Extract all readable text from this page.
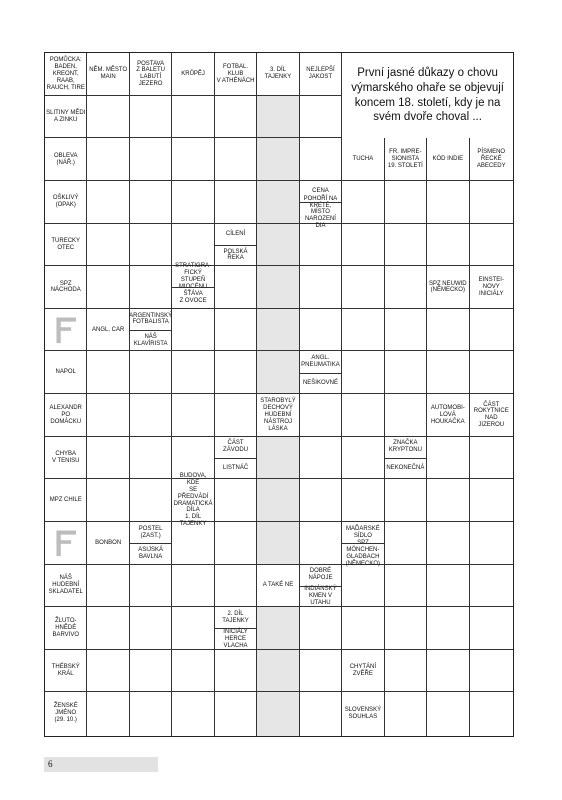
POMŮCKA:
BADEN,
KREONT,
RAAB,
RAUCH, TIRE
NĚM. MĚSTO
MAIN
POSTAVA
Z BALETU
LABUTÍ
JEZERO
KRŮPĚJ
FOTBAL.
KLUB
V ATHÉNÁCH
3. DÍL
TAJENKY
NEJLEPŠÍ
JAKOST
SLITINY MĚDI
A ZINKU
OBLEVA
(NÁŘ.)
TUCHA
FR. IMPRE-
SIONISTA
19. STOLETÍ
KÓD INDIE
PÍSMENO
ŘECKÉ
ABECEDY
OŠKLIVÝ
(OPAK)
CENA
POHOŘÍ NA
KRÉTĚ, MÍSTO
NAROZENÍ DIA
TURECKY
OTEC
CÍLENÍ
POLSKÁ
ŘEKA
SPZ
NÁCHODA
STRATIGRA-
FICKÝ STUPEŇ
MIOCÉNU
ŠŤÁVA
Z OVOCE
SPZ NEUWID
(NĚMECKO)
EINSTEI-
NOVY
INICIÁLY
ANGL. CAR
ARGENTINSKÝ
FOTBALISTA
NÁŠ
KLAVÍRISTA
NAPOL
ANGL.
PNEUMATIKA
NEŠIKOVNÉ
ALEXANDR
PO
DOMÁCKU
STAROBYLÝ
DECHOVÝ
HUDEBNÍ
NÁSTROJ
LÁSKA
AUTOMOBI-
LOVÁ
HOUKAČKA
ČÁST
ROKYTNICE
NAD
JIZEROU
CHYBA
V TENISU
ČÁST
ZÁVODU
LISTNÁČ
ZNAČKA
KRYPTONU
NEKONEČNÁ
MPZ CHILE
BUDOVA, KDE
SE PŘEDVÁDÍ
DRAMATICKÁ
DÍLA
1. DÍL TAJENKY
BONBON
POSTEL
(ZAST.)
ASIJSKÁ
BAVLNA
MAĎARSKÉ
SÍDLO
SPZ MÖNCHEN-
GLADBACH
(NĚMECKO)
NÁŠ
HUDEBNÍ
SKLADATEL
A TAKÉ NE
DOBRÉ
NÁPOJE
INDIÁNSKÝ
KMEN V UTAHU
ŽLUTO-
HNĚDÉ
BARVIVO
2. DÍL TAJENKY
INICIÁLY
HERCE
VLACHA
THÉBSKÝ
KRÁL
CHYTÁNÍ
ZVĚŘE
ŽENSKÉ
JMÉNO
(29. 10.)
SLOVENSKÝ
SOUHLAS
První jasné důkazy o chovu výmarského ohaře se objevují koncem 18. století, kdy je na svém dvoře choval ...
6
